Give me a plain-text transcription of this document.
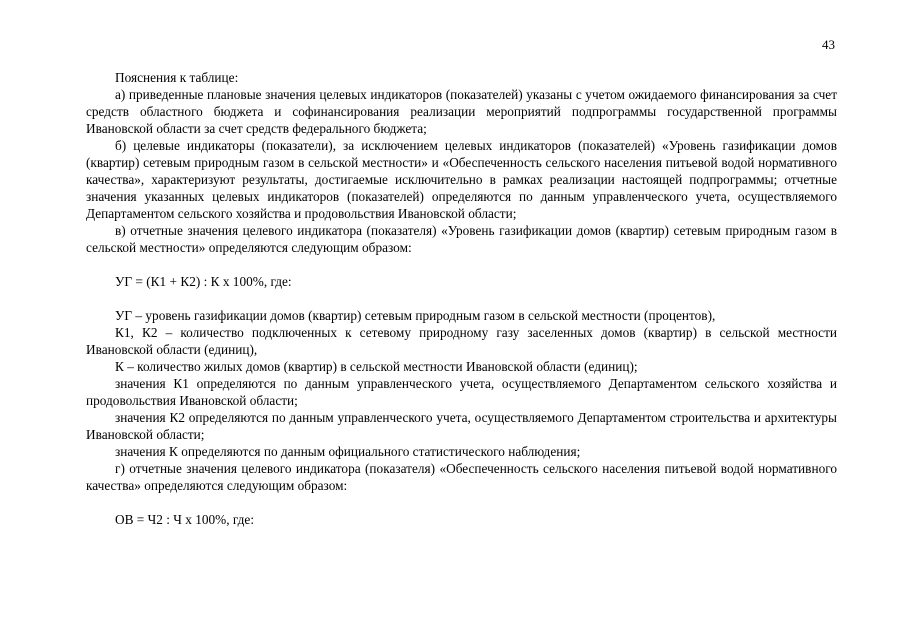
43

Пояснения к таблице:

а) приведенные плановые значения целевых индикаторов (показателей) указаны с учетом ожидаемого финансирования за счет средств областного бюджета и софинансирования реализации мероприятий подпрограммы государственной программы Ивановской области за счет средств федерального бюджета;

б) целевые индикаторы (показатели), за исключением целевых индикаторов (показателей) «Уровень газификации домов (квартир) сетевым природным газом в сельской местности» и «Обеспеченность сельского населения питьевой водой нормативного качества», характеризуют результаты, достигаемые исключительно в рамках реализации настоящей подпрограммы; отчетные значения указанных целевых индикаторов (показателей) определяются по данным управленческого учета, осуществляемого Департаментом сельского хозяйства и продовольствия Ивановской области;

в) отчетные значения целевого индикатора (показателя) «Уровень газификации домов (квартир) сетевым природным газом в сельской местности» определяются следующим образом:

УГ = (К1 + К2) : К х 100%, где:

УГ – уровень газификации домов (квартир) сетевым природным газом в сельской местности (процентов),

К1, К2 – количество подключенных к сетевому природному газу заселенных домов (квартир) в сельской местности Ивановской области (единиц),

К – количество жилых домов (квартир) в сельской местности Ивановской области (единиц);

значения К1 определяются по данным управленческого учета, осуществляемого Департаментом сельского хозяйства и продовольствия Ивановской области;

значения К2 определяются по данным управленческого учета, осуществляемого Департаментом строительства и архитектуры Ивановской области;

значения К определяются по данным официального статистического наблюдения;

г) отчетные значения целевого индикатора (показателя) «Обеспеченность сельского населения питьевой водой нормативного качества» определяются следующим образом:

ОВ = Ч2 : Ч х 100%, где:
